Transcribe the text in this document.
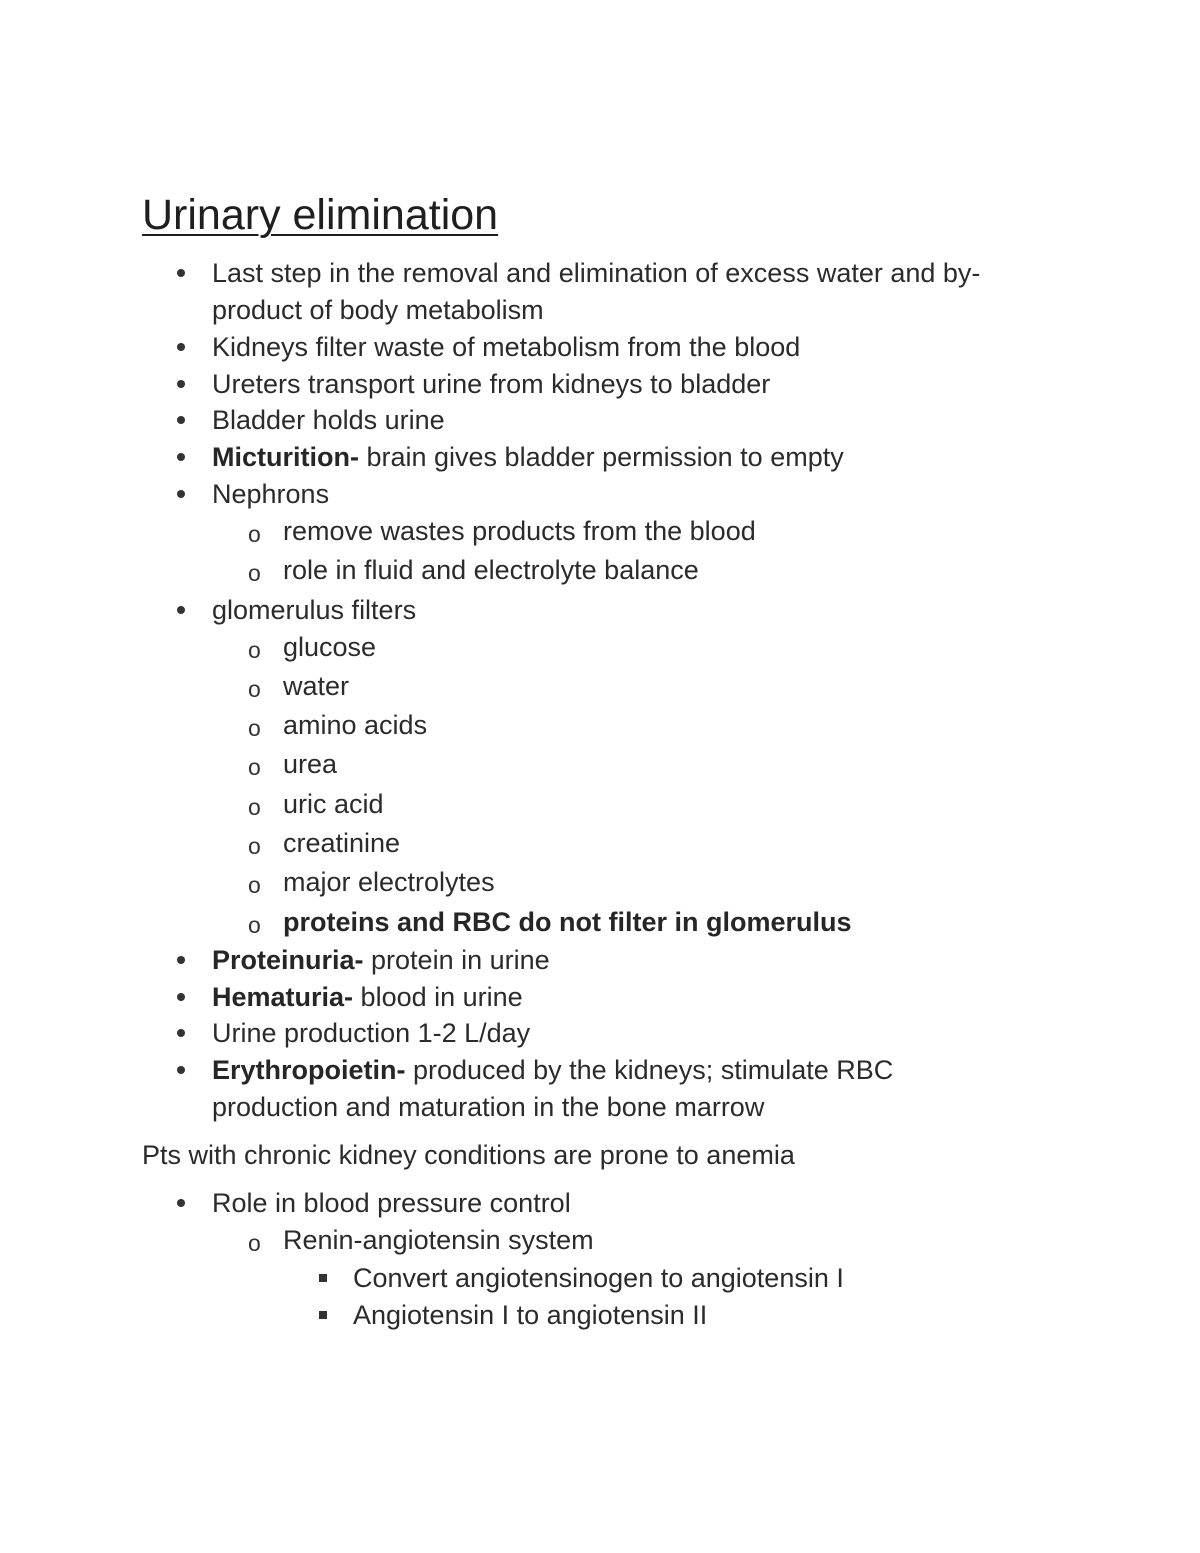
Urinary elimination
Last step in the removal and elimination of excess water and by-
product of body metabolism
Kidneys filter waste of metabolism from the blood
Ureters transport urine from kidneys to bladder
Bladder holds urine
Micturition- brain gives bladder permission to empty
Nephrons
o remove wastes products from the blood
o role in fluid and electrolyte balance
glomerulus filters
o glucose
o water
o amino acids
o urea
o uric acid
o creatinine
o major electrolytes
o proteins and RBC do not filter in glomerulus
Proteinuria- protein in urine
Hematuria- blood in urine
Urine production 1-2 L/day
Erythropoietin- produced by the kidneys; stimulate RBC
production and maturation in the bone marrow
Pts with chronic kidney conditions are prone to anemia
Role in blood pressure control
o Renin-angiotensin system
Convert angiotensinogen to angiotensin I
Angiotensin I to angiotensin II
